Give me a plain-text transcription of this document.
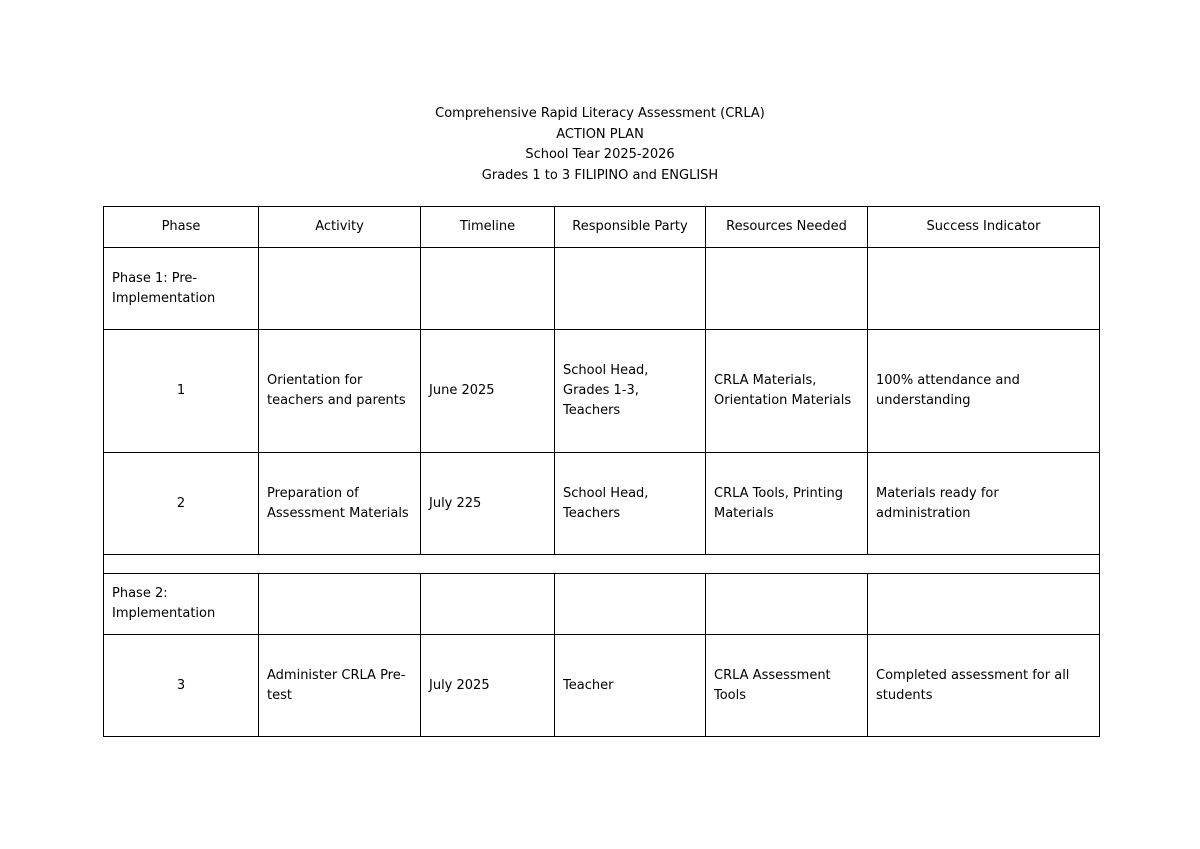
Comprehensive Rapid Literacy Assessment (CRLA)
ACTION PLAN
School Tear 2025-2026
Grades 1 to 3 FILIPINO and ENGLISH
Phase	Activity	Timeline	Responsible Party	Resources Needed	Success Indicator
Phase 1: Pre-Implementation					
1	Orientation for teachers and parents	June 2025	School Head, Grades 1-3, Teachers	CRLA Materials, Orientation Materials	100% attendance and understanding
2	Preparation of Assessment Materials	July 225	School Head, Teachers	CRLA Tools, Printing Materials	Materials ready for administration

Phase 2: Implementation					
3	Administer CRLA Pre-test	July 2025	Teacher	CRLA Assessment Tools	Completed assessment for all students
